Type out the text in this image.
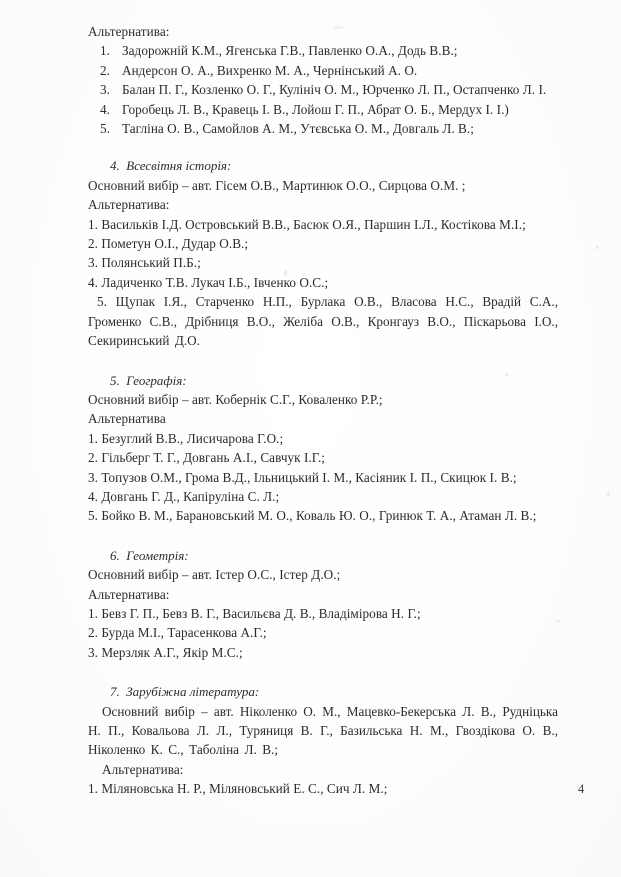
Альтернатива:
1. Задорожній К.М., Ягенська Г.В., Павленко О.А., Додь В.В.;
2. Андерсон О. А., Вихренко М. А., Чернінський А. О.
3. Балан П. Г., Козленко О. Г., Кулініч О. М., Юрченко Л. П., Остапченко Л. І.
4. Горобець Л. В., Кравець І. В., Лойош Г. П., Абрат О. Б., Мердух І. І.)
5. Тагліна О. В., Самойлов А. М., Утєвська О. М., Довгаль Л. В.;
4. Всесвітня історія:
Основний вибір – авт. Гісем О.В., Мартинюк О.О., Сирцова О.М. ;
Альтернатива:
1. Васильків І.Д. Островський В.В., Басюк О.Я., Паршин І.Л., Костікова М.І.;
2. Пометун О.І., Дудар О.В.;
3. Полянський П.Б.;
4. Ладиченко Т.В. Лукач І.Б., Івченко О.С.;
5. Щупак І.Я., Старченко Н.П., Бурлака О.В., Власова Н.С., Врадій С.А., Громенко С.В., Дрібниця В.О., Желіба О.В., Кронгауз В.О., Піскарьова І.О., Секиринський Д.О.
5. Географія:
Основний вибір – авт. Кобернік С.Г., Коваленко Р.Р.;
Альтернатива
1. Безуглий В.В., Лисичарова Г.О.;
2. Гільберг Т. Г., Довгань А.І., Савчук І.Г.;
3. Топузов О.М., Грома В.Д., Ільницький І. М., Касіяник І. П., Скицюк І. В.;
4. Довгань Г. Д., Капіруліна С. Л.;
5. Бойко В. М., Барановський М. О., Коваль Ю. О., Гринюк Т. А., Атаман Л. В.;
6. Геометрія:
Основний вибір – авт. Істер О.С., Істер Д.О.;
Альтернатива:
1. Бевз Г. П., Бевз В. Г., Васильєва Д. В., Владімірова Н. Г.;
2. Бурда М.І., Тарасенкова А.Г.;
3. Мерзляк А.Г., Якір М.С.;
7. Зарубіжна література:
Основний вибір – авт. Ніколенко О. М., Мацевко-Бекерська Л. В., Рудніцька Н. П., Ковальова Л. Л., Туряниця В. Г., Базильська Н. М., Гвоздікова О. В., Ніколенко К. С., Таболіна Л. В.;
Альтернатива:
1. Міляновська Н. Р., Міляновський Е. С., Сич Л. М.;	4
